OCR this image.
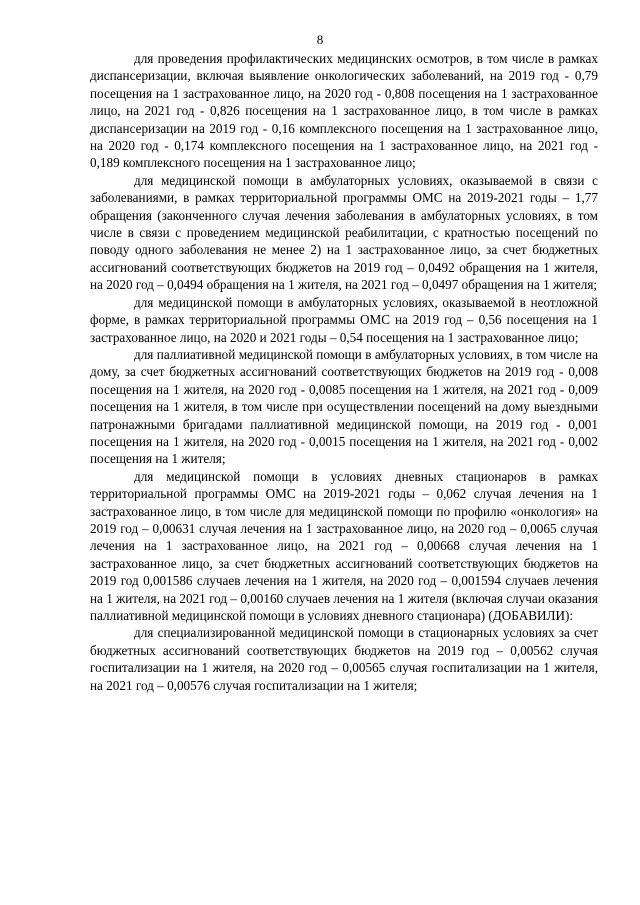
8

для проведения профилактических медицинских осмотров, в том числе в рамках диспансеризации, включая выявление онкологических заболеваний, на 2019 год - 0,79 посещения на 1 застрахованное лицо, на 2020 год - 0,808 посещения на 1 застрахованное лицо, на 2021 год - 0,826 посещения на 1 застрахованное лицо, в том числе в рамках диспансеризации на 2019 год - 0,16 комплексного посещения на 1 застрахованное лицо, на 2020 год - 0,174 комплексного посещения на 1 застрахованное лицо, на 2021 год - 0,189 комплексного посещения на 1 застрахованное лицо;

для медицинской помощи в амбулаторных условиях, оказываемой в связи с заболеваниями, в рамках территориальной программы ОМС на 2019-2021 годы – 1,77 обращения (законченного случая лечения заболевания в амбулаторных условиях, в том числе в связи с проведением медицинской реабилитации, с кратностью посещений по поводу одного заболевания не менее 2) на 1 застрахованное лицо, за счет бюджетных ассигнований соответствующих бюджетов на 2019 год – 0,0492 обращения на 1 жителя, на 2020 год – 0,0494 обращения на 1 жителя, на 2021 год – 0,0497 обращения на 1 жителя;

для медицинской помощи в амбулаторных условиях, оказываемой в неотложной форме, в рамках территориальной программы ОМС на 2019 год – 0,56 посещения на 1 застрахованное лицо, на 2020 и 2021 годы – 0,54 посещения на 1 застрахованное лицо;

для паллиативной медицинской помощи в амбулаторных условиях, в том числе на дому, за счет бюджетных ассигнований соответствующих бюджетов на 2019 год - 0,008 посещения на 1 жителя, на 2020 год - 0,0085 посещения на 1 жителя, на 2021 год - 0,009 посещения на 1 жителя, в том числе при осуществлении посещений на дому выездными патронажными бригадами паллиативной медицинской помощи, на 2019 год - 0,001 посещения на 1 жителя, на 2020 год - 0,0015 посещения на 1 жителя, на 2021 год - 0,002 посещения на 1 жителя;

для медицинской помощи в условиях дневных стационаров в рамках территориальной программы ОМС на 2019-2021 годы – 0,062 случая лечения на 1 застрахованное лицо, в том числе для медицинской помощи по профилю «онкология» на 2019 год – 0,00631 случая лечения на 1 застрахованное лицо, на 2020 год – 0,0065 случая лечения на 1 застрахованное лицо, на 2021 год – 0,00668 случая лечения на 1 застрахованное лицо, за счет бюджетных ассигнований соответствующих бюджетов на 2019 год 0,001586 случаев лечения на 1 жителя, на 2020 год – 0,001594 случаев лечения на 1 жителя, на 2021 год – 0,00160 случаев лечения на 1 жителя (включая случаи оказания паллиативной медицинской помощи в условиях дневного стационара) (ДОБАВИЛИ):

для специализированной медицинской помощи в стационарных условиях за счет бюджетных ассигнований соответствующих бюджетов на 2019 год – 0,00562 случая госпитализации на 1 жителя, на 2020 год – 0,00565 случая госпитализации на 1 жителя, на 2021 год – 0,00576 случая госпитализации на 1 жителя;
